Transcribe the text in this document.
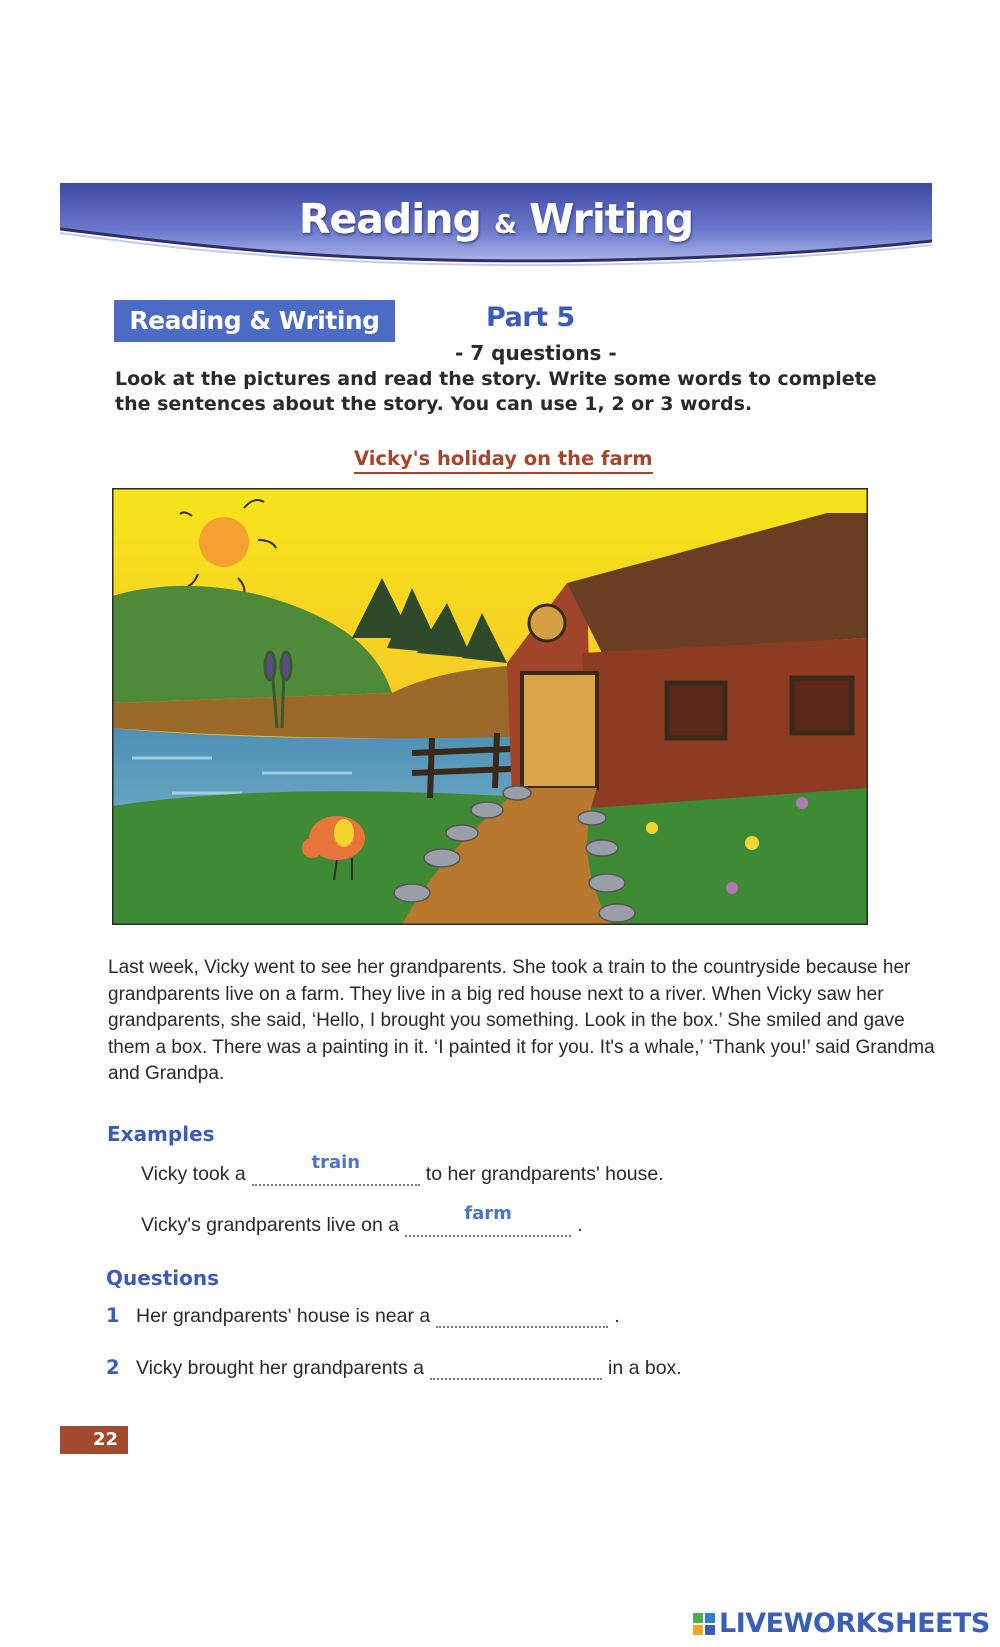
Reading & Writing
Reading & Writing	Part 5
- 7 questions -
Look at the pictures and read the story. Write some words to complete the sentences about the story. You can use 1, 2 or 3 words.
Vicky's holiday on the farm
Last week, Vicky went to see her grandparents. She took a train to the countryside because her grandparents live on a farm. They live in a big red house next to a river. When Vicky saw her grandparents, she said, ‘Hello, I brought you something. Look in the box.’ She smiled and gave them a box. There was a painting in it. ‘I painted it for you. It's a whale,’ ‘Thank you!’ said Grandma and Grandpa.
Examples
Vicky took a
train
to her grandparents' house.
Vicky's grandparents live on a
farm
.
Questions
1 Her grandparents' house is near a	.
2 Vicky brought her grandparents a	in a box.
22
LIVEWORKSHEETS
